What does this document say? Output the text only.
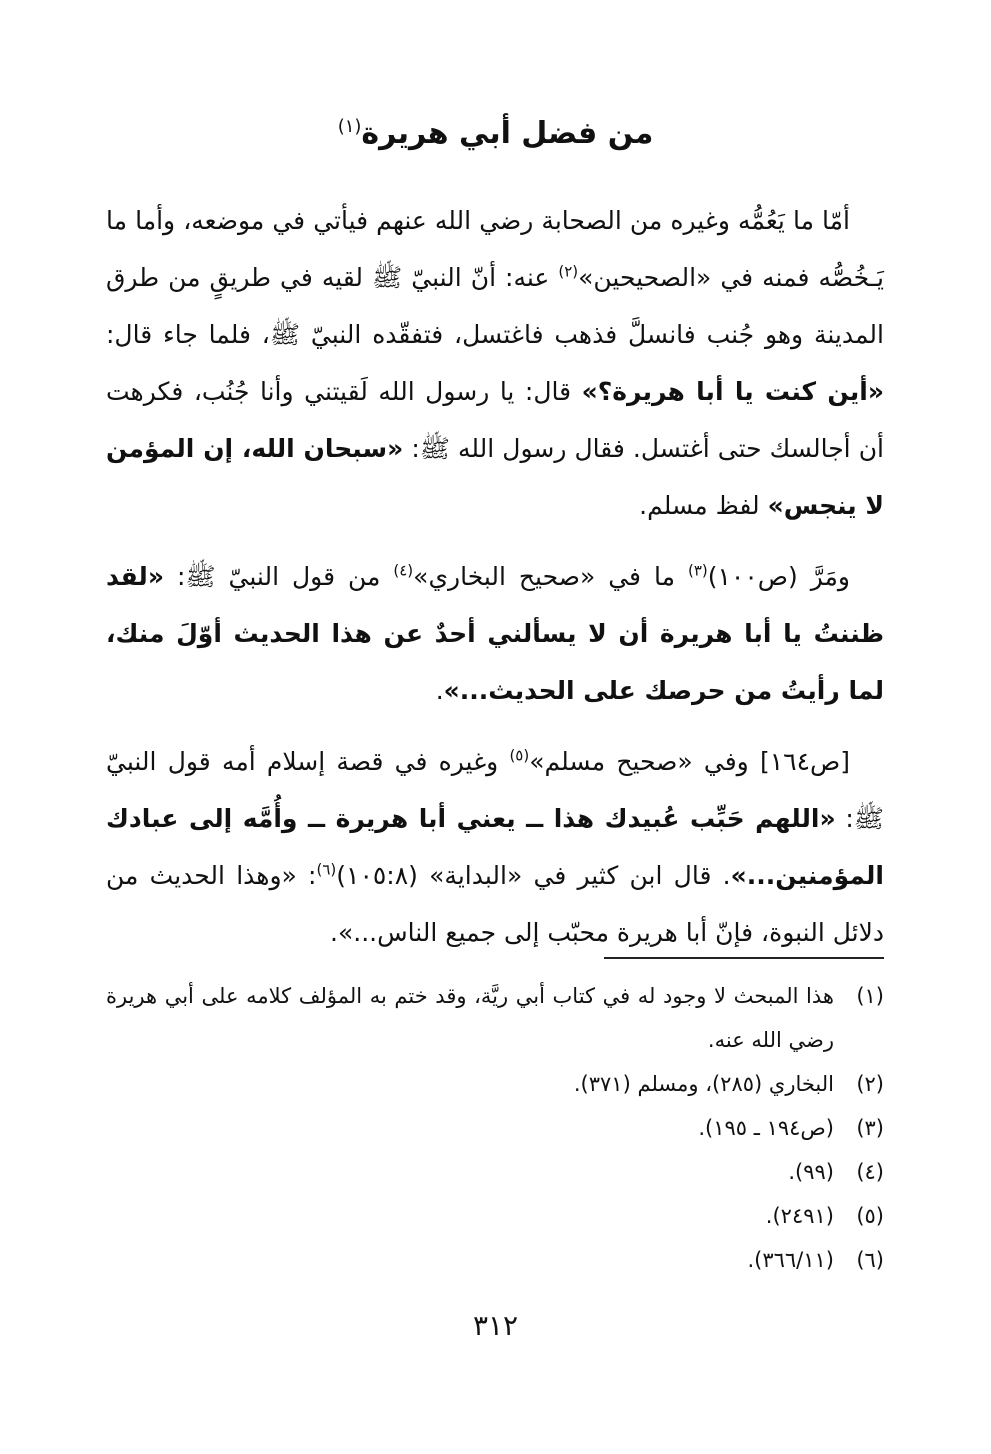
من فضل أبي هريرة$^{(١)}$

أمّا ما يَعُمُّه وغيره من الصحابة رضي الله عنهم فيأتي في موضعه، وأما ما يَـخُصُّه فمنه في «الصحيحين»$^{(٢)}$ عنه: أنّ النبيّ ﷺ لقيه في طريقٍ من طرق المدينة وهو جُنب فانسلَّ فذهب فاغتسل، فتفقّده النبيّ ﷺ، فلما جاء قال: «أين كنت يا أبا هريرة؟» قال: يا رسول الله لَقيتني وأنا جُنُب، فكرهت أن أجالسك حتى أغتسل. فقال رسول الله ﷺ: «سبحان الله، إن المؤمن لا ينجس» لفظ مسلم.

ومَرَّ (ص١٠٠)$^{(٣)}$ ما في «صحيح البخاري»$^{(٤)}$ من قول النبيّ ﷺ: «لقد ظننتُ يا أبا هريرة أن لا يسألني أحدٌ عن هذا الحديث أوّلَ منك، لما رأيتُ من حرصك على الحديث...».

[ص١٦٤] وفي «صحيح مسلم»$^{(٥)}$ وغيره في قصة إسلام أمه قول النبيّ ﷺ: «اللهم حَبِّب عُبيدك هذا ــ يعني أبا هريرة ــ وأُمَّه إلى عبادك المؤمنين...». قال ابن كثير في «البداية» (١٠٥:٨)$^{(٦)}$: «وهذا الحديث من دلائل النبوة، فإنّ أبا هريرة محبّب إلى جميع الناس...».

(١)
هذا المبحث لا وجود له في كتاب أبي ريَّة، وقد ختم به المؤلف كلامه على أبي هريرة رضي الله عنه.
(٢)
البخاري (٢٨٥)، ومسلم (٣٧١).
(٣)
(ص١٩٤ ـ ١٩٥).
(٤)
(٩٩).
(٥)
(٢٤٩١).
(٦)
(٣٦٦/١١).
٣١٢
